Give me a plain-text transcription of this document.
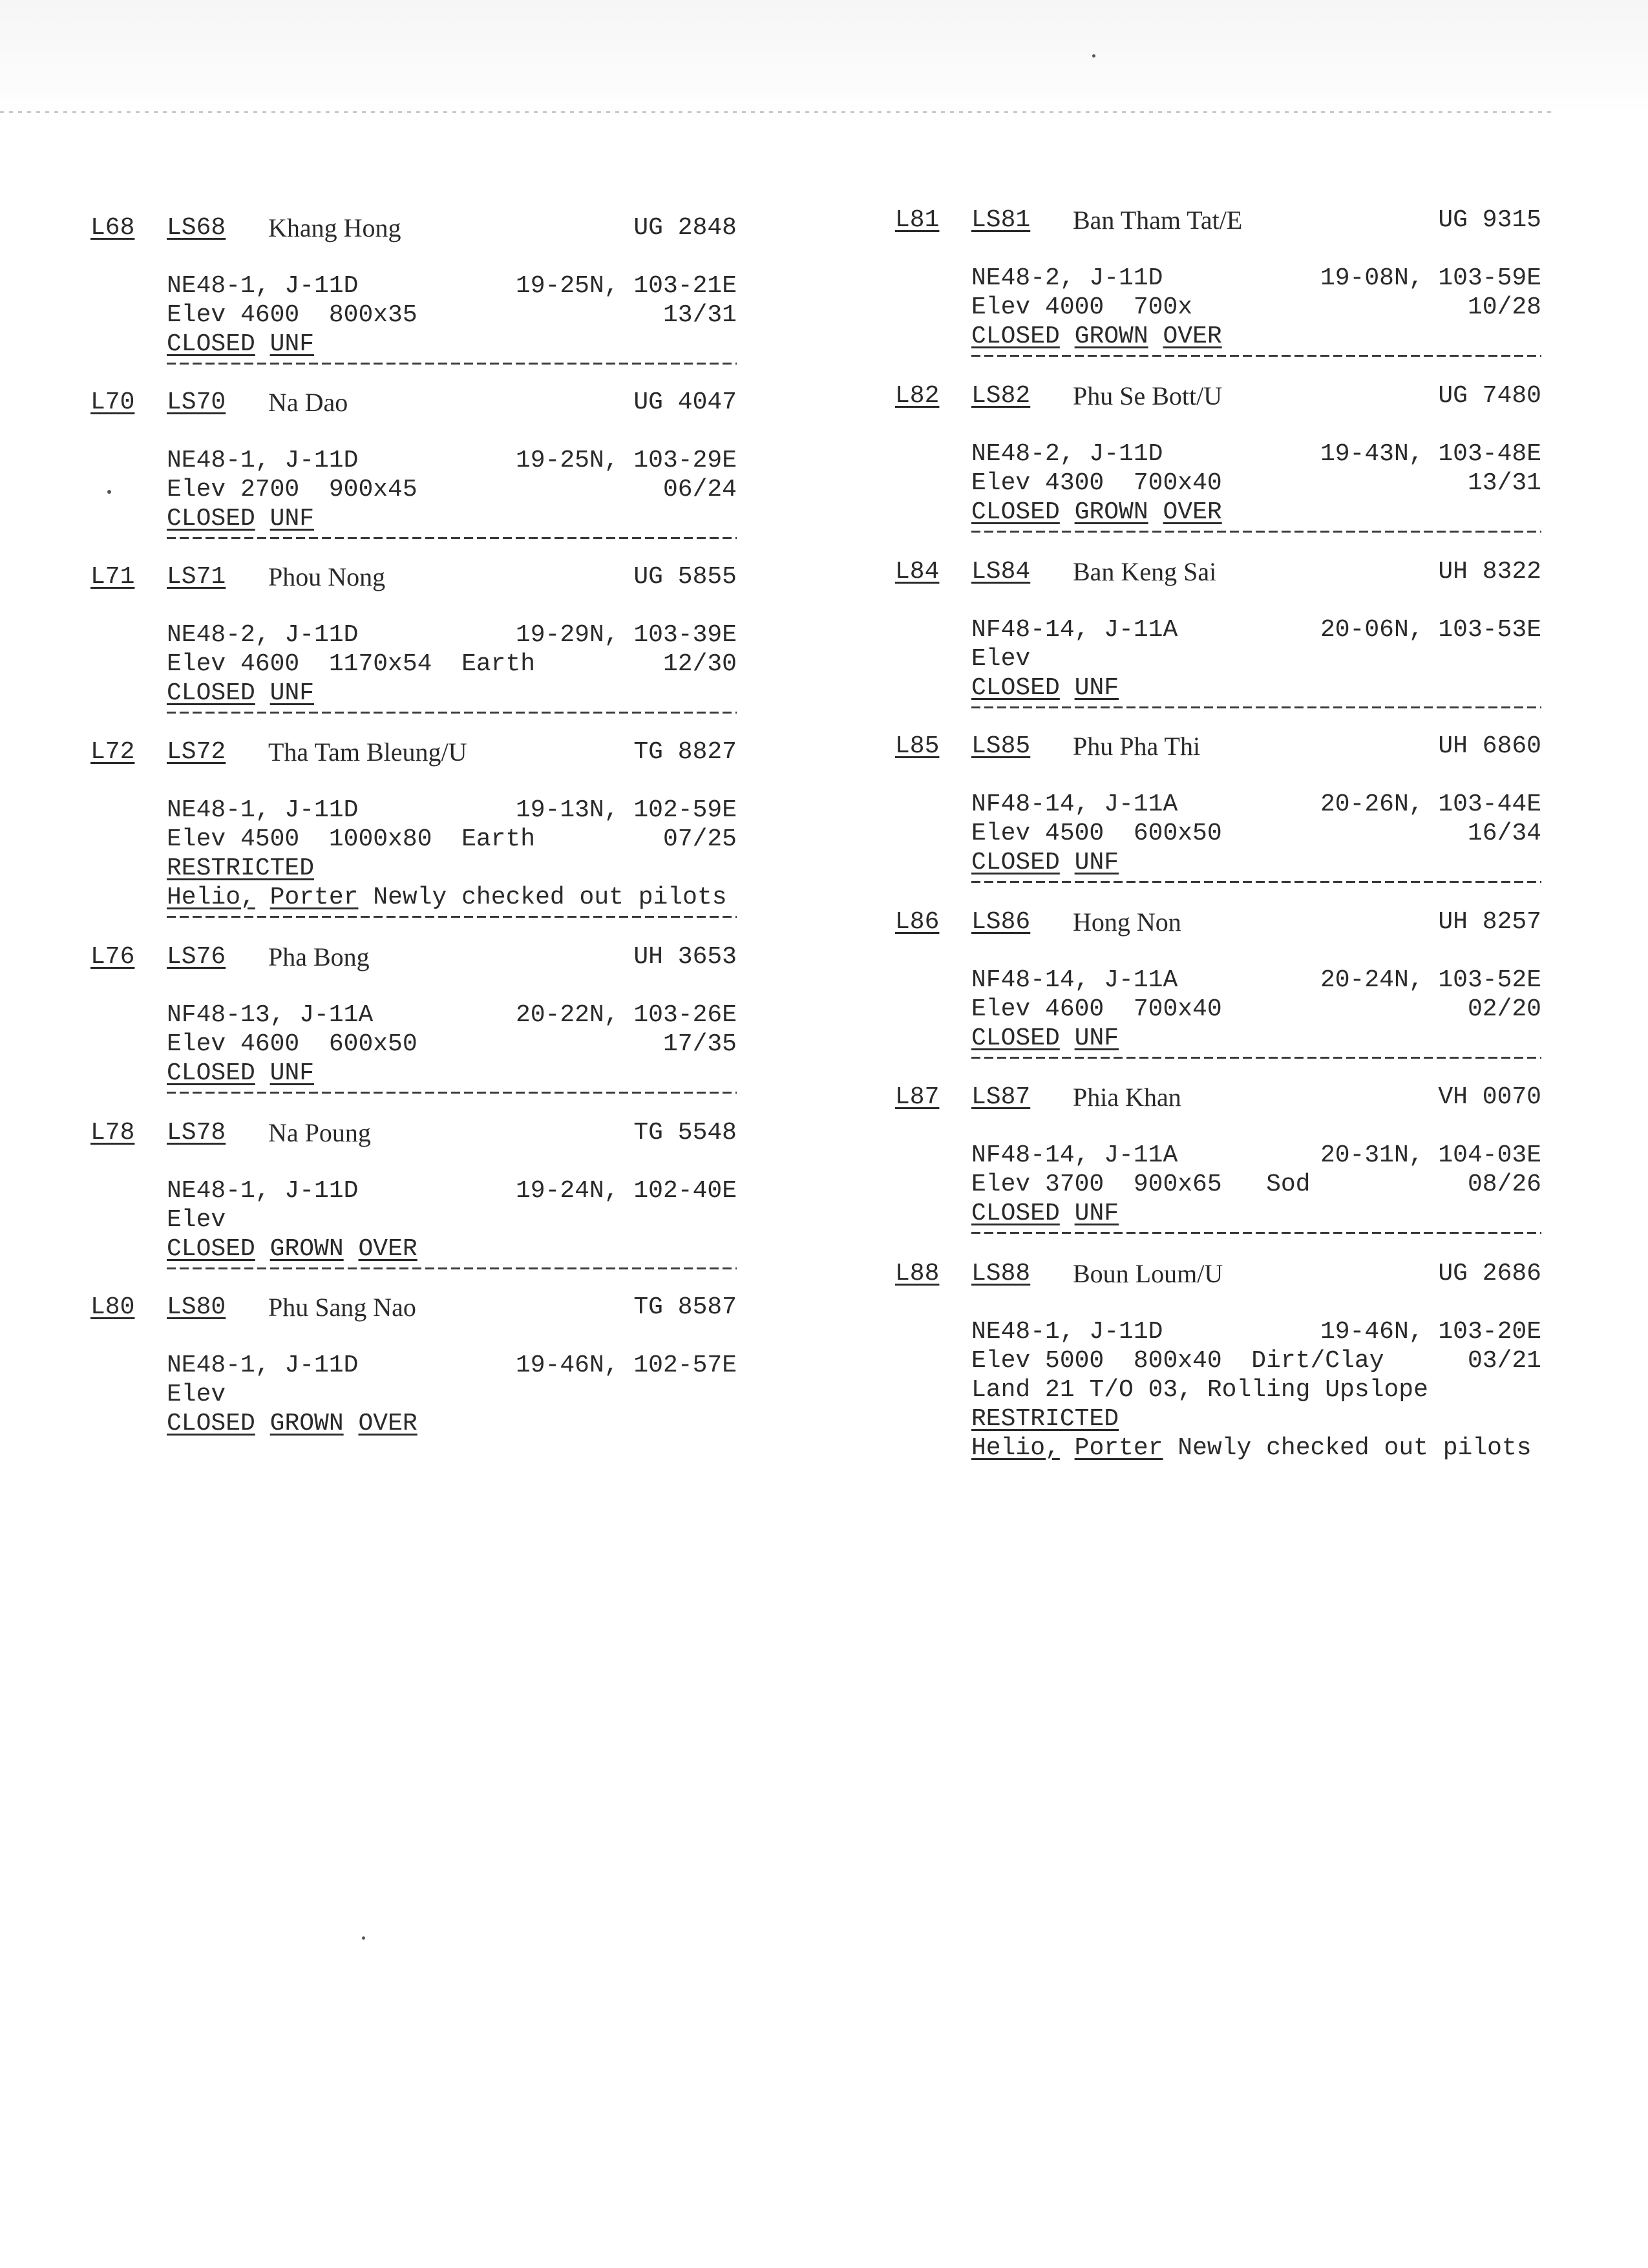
L68 LS68 Khang Hong	UG 2848
NE48-1, J-11D	19-25N, 103-21E
Elev 4600  800x35	13/31
CLOSED UNF
L70 LS70 Na Dao	UG 4047
NE48-1, J-11D	19-25N, 103-29E
Elev 2700  900x45	06/24
CLOSED UNF
L71 LS71 Phou Nong	UG 5855
NE48-2, J-11D	19-29N, 103-39E
Elev 4600  1170x54  Earth	12/30
CLOSED UNF
L72 LS72 Tha Tam Bleung/U	TG 8827
NE48-1, J-11D	19-13N, 102-59E
Elev 4500  1000x80  Earth	07/25
RESTRICTED
Helio, Porter Newly checked out pilots
L76 LS76 Pha Bong	UH 3653
NF48-13, J-11A	20-22N, 103-26E
Elev 4600  600x50	17/35
CLOSED UNF
L78 LS78 Na Poung	TG 5548
NE48-1, J-11D	19-24N, 102-40E
Elev
CLOSED GROWN OVER
L80 LS80 Phu Sang Nao	TG 8587
NE48-1, J-11D	19-46N, 102-57E
Elev
CLOSED GROWN OVER
L81 LS81 Ban Tham Tat/E	UG 9315
NE48-2, J-11D	19-08N, 103-59E
Elev 4000  700x	10/28
CLOSED GROWN OVER
L82 LS82 Phu Se Bott/U	UG 7480
NE48-2, J-11D	19-43N, 103-48E
Elev 4300  700x40	13/31
CLOSED GROWN OVER
L84 LS84 Ban Keng Sai	UH 8322
NF48-14, J-11A	20-06N, 103-53E
Elev
CLOSED UNF
L85 LS85 Phu Pha Thi	UH 6860
NF48-14, J-11A	20-26N, 103-44E
Elev 4500  600x50	16/34
CLOSED UNF
L86 LS86 Hong Non	UH 8257
NF48-14, J-11A	20-24N, 103-52E
Elev 4600  700x40	02/20
CLOSED UNF
L87 LS87 Phia Khan	VH 0070
NF48-14, J-11A	20-31N, 104-03E
Elev 3700  900x65   Sod	08/26
CLOSED UNF
L88 LS88 Boun Loum/U	UG 2686
NE48-1, J-11D	19-46N, 103-20E
Elev 5000  800x40  Dirt/Clay	03/21
Land 21 T/O 03, Rolling Upslope
RESTRICTED
Helio, Porter Newly checked out pilots
